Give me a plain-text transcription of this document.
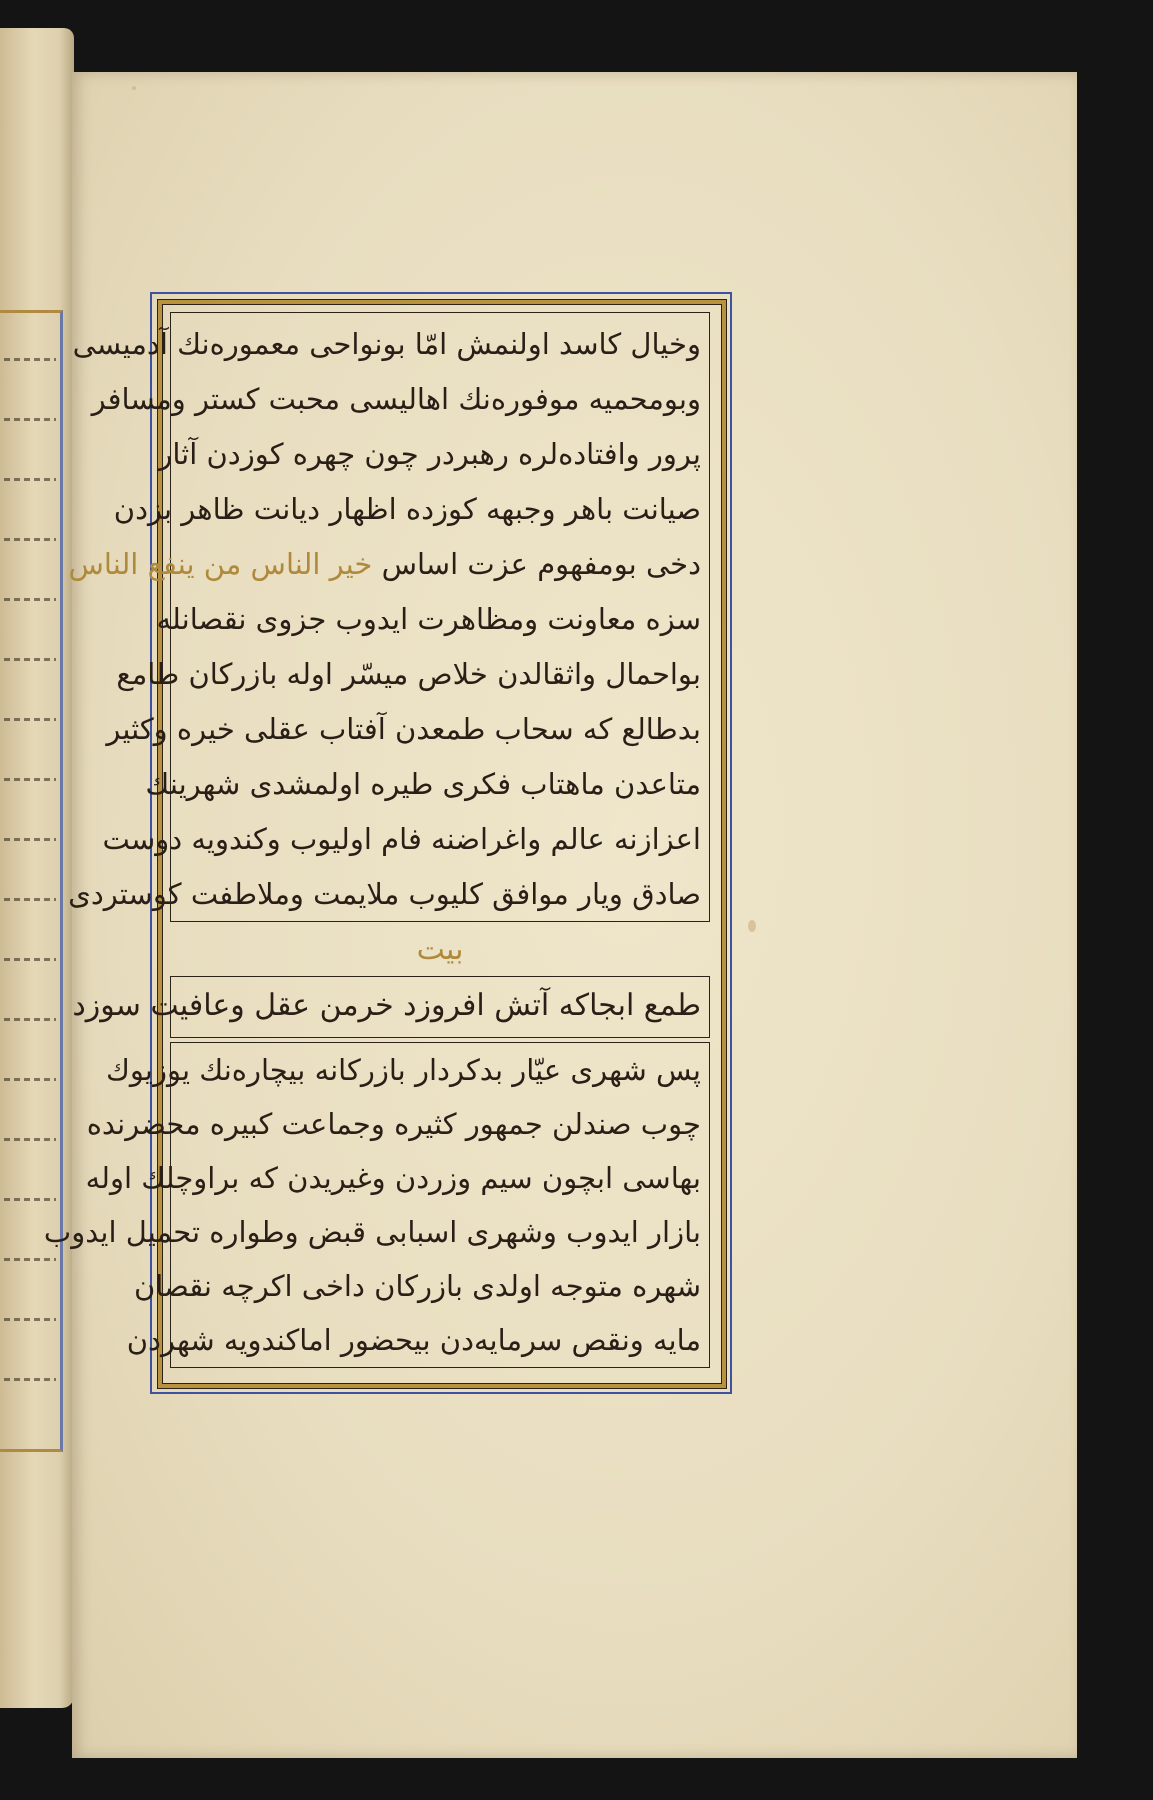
وخیال کاسد اولنمش امّا بونواحی معمورەنك آدمیسی
وبومحمیه موفورەنك اهالیسی محبت کستر ومسافر
پرور وافتادەلرە رهبردر چون چهرە کوزدن آثار
صیانت باهر وجبهه کوزده اظهار دیانت ظاهر بزدن
دخی بومفهوم عزت اساس خیر الناس من ینفع الناس
سزە معاونت ومظاهرت ایدوب جزوی نقصانله
بواحمال واثقالدن خلاص میسّر اوله بازرکان طامع
بدطالع که سحاب طمعدن آفتاب عقلی خیره وکثیر
متاعدن ماهتاب فکری طیره اولمشدی شهرینك
اعزازنه عالم واغراضنه فام اولیوب وکندویه دوست
صادق ویار موافق کلیوب ملایمت وملاطفت کوستردی
بیت
طمع ابجاکه آتش افروزد خرمن عقل وعافیت سوزد
پس شهری عیّار بدکردار بازرکانه بیچارەنك یوزیوك
چوب صندلن جمهور کثیره وجماعت کبیره محضرنده
بهاسی ابچون سیم وزردن وغیریدن که براوچلك اوله
بازار ایدوب وشهری اسبابی قبض وطواره تحمیل ایدوب
شهره متوجه اولدی بازرکان داخی اکرچه نقصان
مایه ونقص سرمایەدن بیحضور اماکندویه شهردن
